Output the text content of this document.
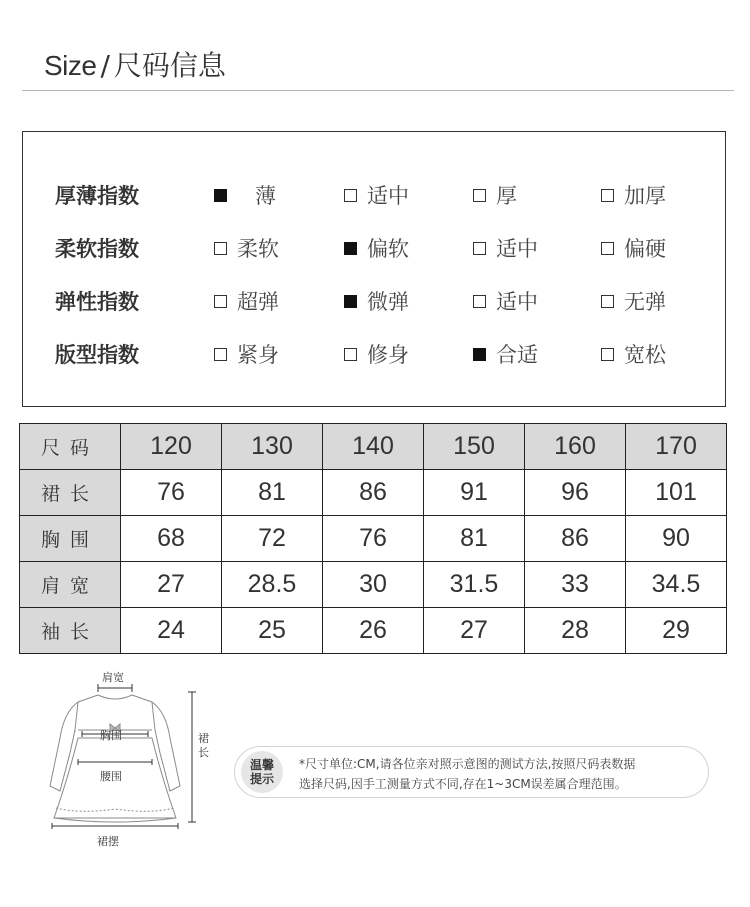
Size / 尺码信息
厚薄指数	薄	适中	厚	加厚
柔软指数	柔软	偏软	适中	偏硬
弹性指数	超弹	微弹	适中	无弹
版型指数	紧身	修身	合适	宽松
尺码	120	130	140	150	160	170
裙长	76	81	86	91	96	101
胸围	68	72	76	81	86	90
肩宽	27	28.5	30	31.5	33	34.5
袖长	24	25	26	27	28	29
肩宽
胸围
腰围
裙摆
裙长
温馨
提示
*尺寸单位:CM,请各位亲对照示意图的测试方法,按照尺码表数据
选择尺码,因手工测量方式不同,存在1~3CM误差属合理范围。
